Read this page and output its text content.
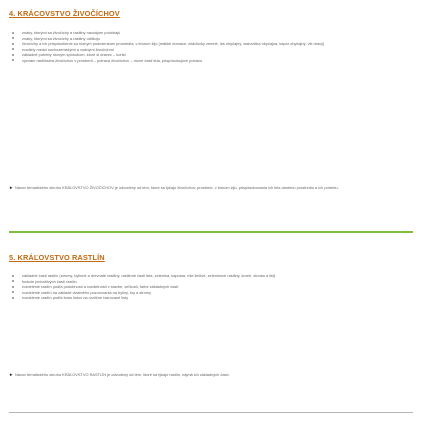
4. KRÁCOVSTVO ŽIVOČÍCHOV
znaky, ktorými sa živočíchy a rastliny navzájom podobajú
znaky, ktorými sa živočíchy a rastliny odlišujú
živočíchy a ich prispôsobenie sa rôznym podmienkam prostredia, v ktorom žijú (mäkké domáce, dážďovky zemné, les obyčajný, lastovička obyčajná, kapor obyčajný, vlk dravý)
rozdiely medzi suchozemskými a vodnými živočíchmi
základné potreby rôznym spôsobom, ktoré si dravec – korisť
význam rastlinstva živočíchov v prostredí – potrava živočíchov – rôzne časti tela, prispôsobujúce potravu
► Názov tematického okruhu KRÁĽOVSTVO ŽIVOČÍCHOV je odvodený od tém, ktoré sa týkajú živočíchov, prostredí, v ktorom žijú, prispôsobovania ich tela danému prostrediu a ich potrebu.
5. KRÁĽOVSTVO RASTLÍN
základné časti rastlín (stromy, bylinné a drevnaté rastliny, rastlinné časti tela, zelenina, kapusta, ríše liečivé, zeleninové rastliny, koreň, stonka a list)
funkcie jednotlivých častí rastlín
rozdelenie rastlín podľa podobnosti a rozdielnosti v stavbe, veľkosti, farbe základných častí
rozdelenie rastlín na základe vlastného pozorovania na byliny, kry a stromy
rozdelenie rastlín podľa tvaru listov na rozlične tvarované listy
► Názov tematického okruhu KRÁĽOVSTVO RASTLÍN je odvodený od tém, ktoré sa týkajú rastlín, najmä ich základných častí.
